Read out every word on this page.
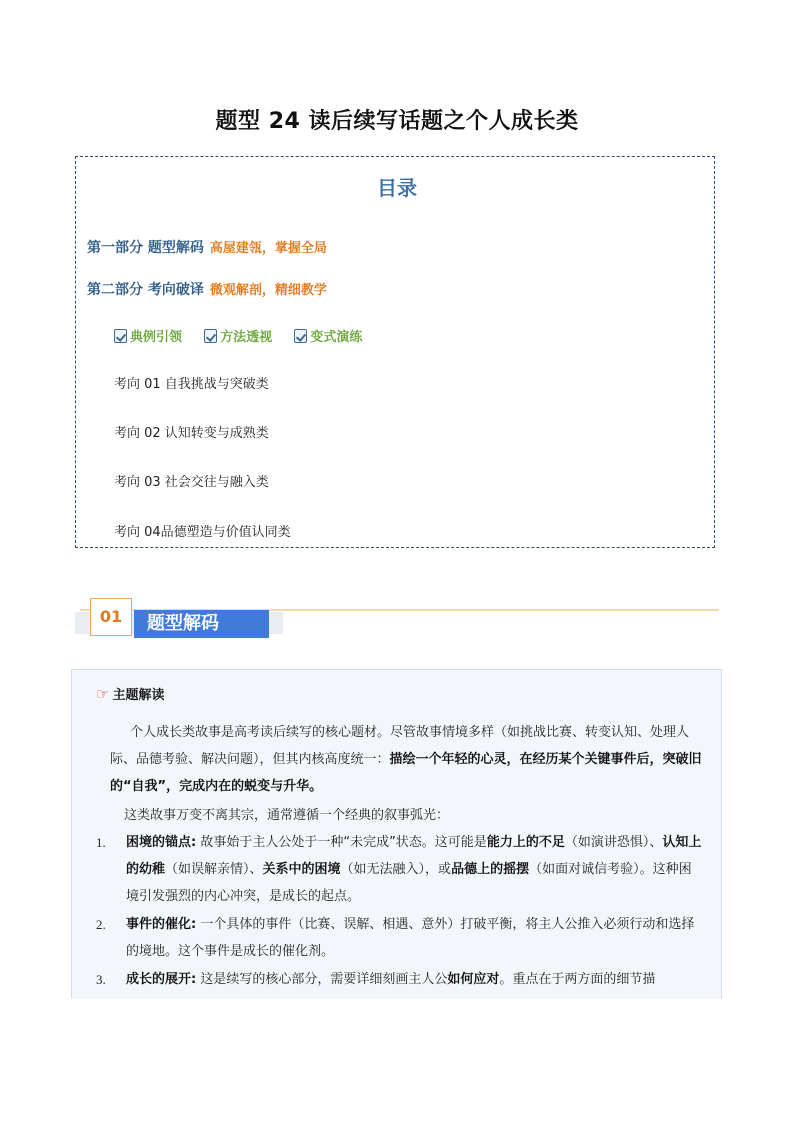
题型 24 读后续写话题之个人成长类
目录
第一部分 题型解码 高屋建瓴，掌握全局
第二部分 考向破译 微观解剖，精细教学
典例引领
	方法透视
	变式演练
考向 01 自我挑战与突破类
考向 02 认知转变与成熟类
考向 03 社会交往与融入类
考向 04品德塑造与价值认同类
01	题型解码
☞ 主题解读
个人成长类故事是高考读后续写的核心题材。尽管故事情境多样（如挑战比赛、转变认知、处理人际、品德考验、解决问题），但其内核高度统一：描绘一个年轻的心灵，在经历某个关键事件后，突破旧的“自我”，完成内在的蜕变与升华。
这类故事万变不离其宗，通常遵循一个经典的叙事弧光：
1. 困境的锚点: 故事始于主人公处于一种“未完成”状态。这可能是能力上的不足（如演讲恐惧）、认知上的幼稚（如误解亲情）、关系中的困境（如无法融入），或品德上的摇摆（如面对诚信考验）。这种困境引发强烈的内心冲突，是成长的起点。
2. 事件的催化: 一个具体的事件（比赛、误解、相遇、意外）打破平衡，将主人公推入必须行动和选择的境地。这个事件是成长的催化剂。
3. 成长的展开: 这是续写的核心部分，需要详细刻画主人公如何应对。重点在于两方面的细节描
